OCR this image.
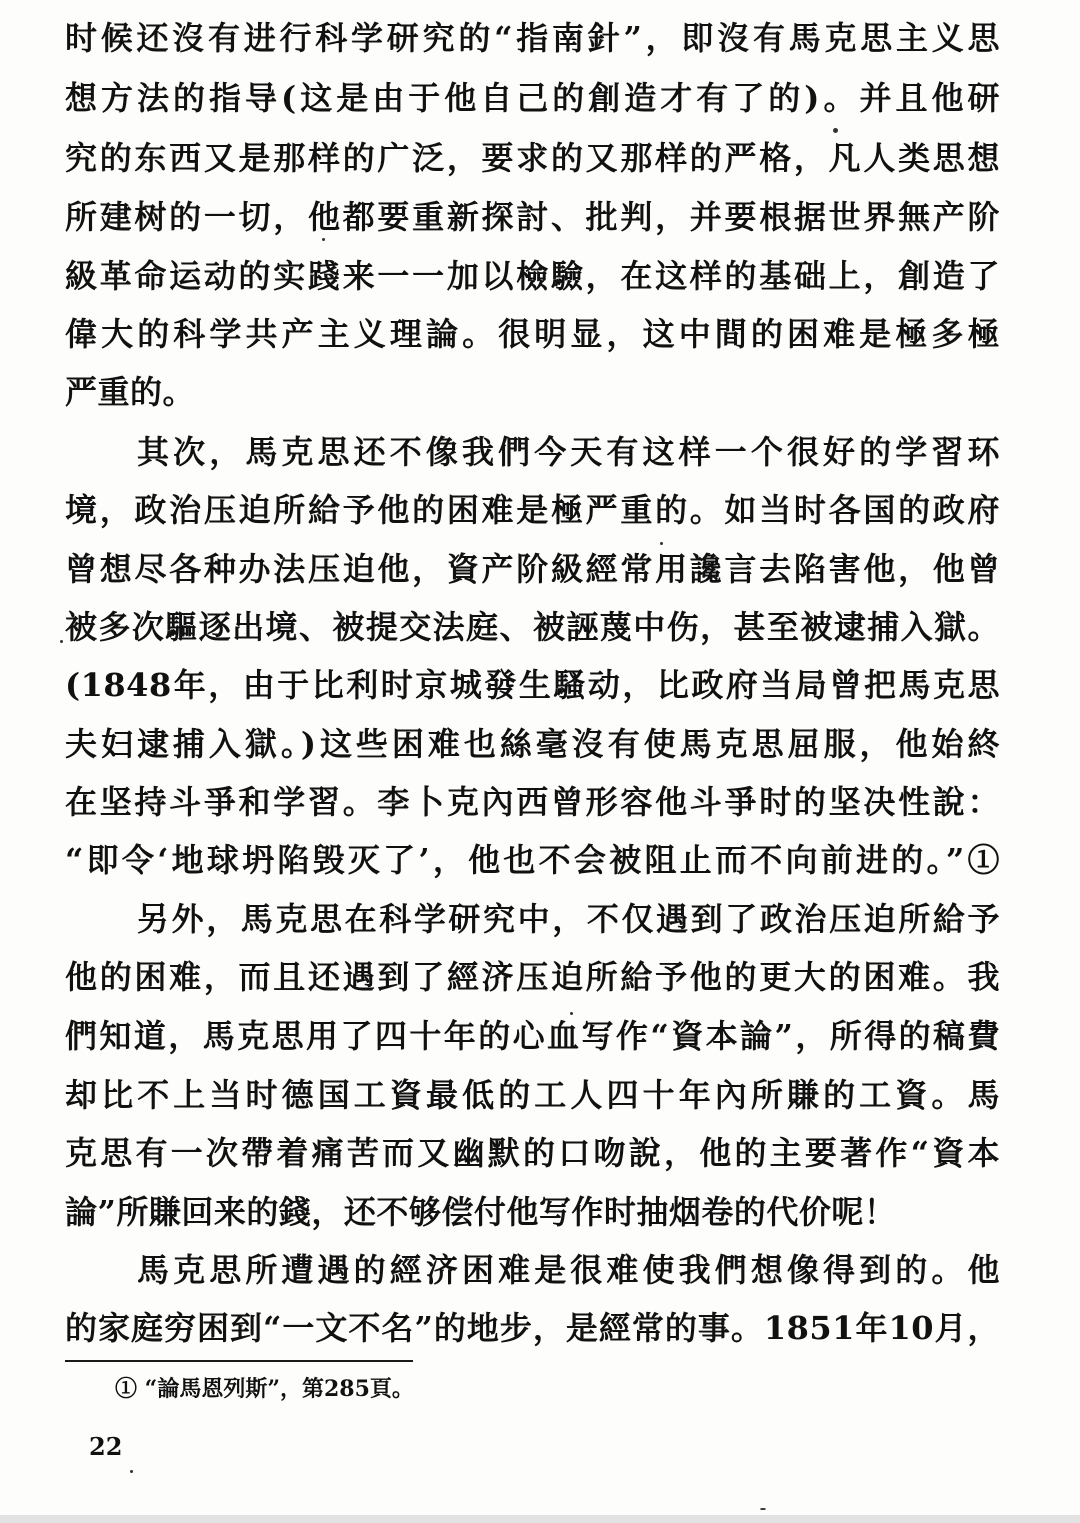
时候还沒有进行科学研究的“指南針”，即沒有馬克思主义思
想方法的指导(这是由于他自己的創造才有了的)。并且他研
究的东西又是那样的广泛，要求的又那样的严格，凡人类思想
所建树的一切，他都要重新探討、批判，并要根据世界無产阶
級革命运动的实踐来一一加以檢驗，在这样的基础上，創造了
偉大的科学共产主义理論。很明显，这中間的困难是極多極
严重的。
其次，馬克思还不像我們今天有这样一个很好的学習环
境，政治压迫所給予他的困难是極严重的。如当时各国的政府
曾想尽各种办法压迫他，資产阶級經常用讒言去陷害他，他曾
被多次驅逐出境、被提交法庭、被誣蔑中伤，甚至被逮捕入獄。
(1848年，由于比利时京城發生騷动，比政府当局曾把馬克思
夫妇逮捕入獄。)这些困难也絲毫沒有使馬克思屈服，他始終
在坚持斗爭和学習。李卜克內西曾形容他斗爭时的坚决性說：
“即令‘地球坍陷毁灭了’，他也不会被阻止而不向前进的。”①
另外，馬克思在科学研究中，不仅遇到了政治压迫所給予
他的困难，而且还遇到了經济压迫所給予他的更大的困难。我
們知道，馬克思用了四十年的心血写作“資本論”，所得的稿費
却比不上当时德国工資最低的工人四十年內所賺的工資。馬
克思有一次帶着痛苦而又幽默的口吻說，他的主要著作“資本
論”所賺回来的錢，还不够偿付他写作时抽烟卷的代价呢！
馬克思所遭遇的經济困难是很难使我們想像得到的。他
的家庭穷困到“一文不名”的地步，是經常的事。1851年10月，
① “論馬恩列斯”，第285頁。
22
